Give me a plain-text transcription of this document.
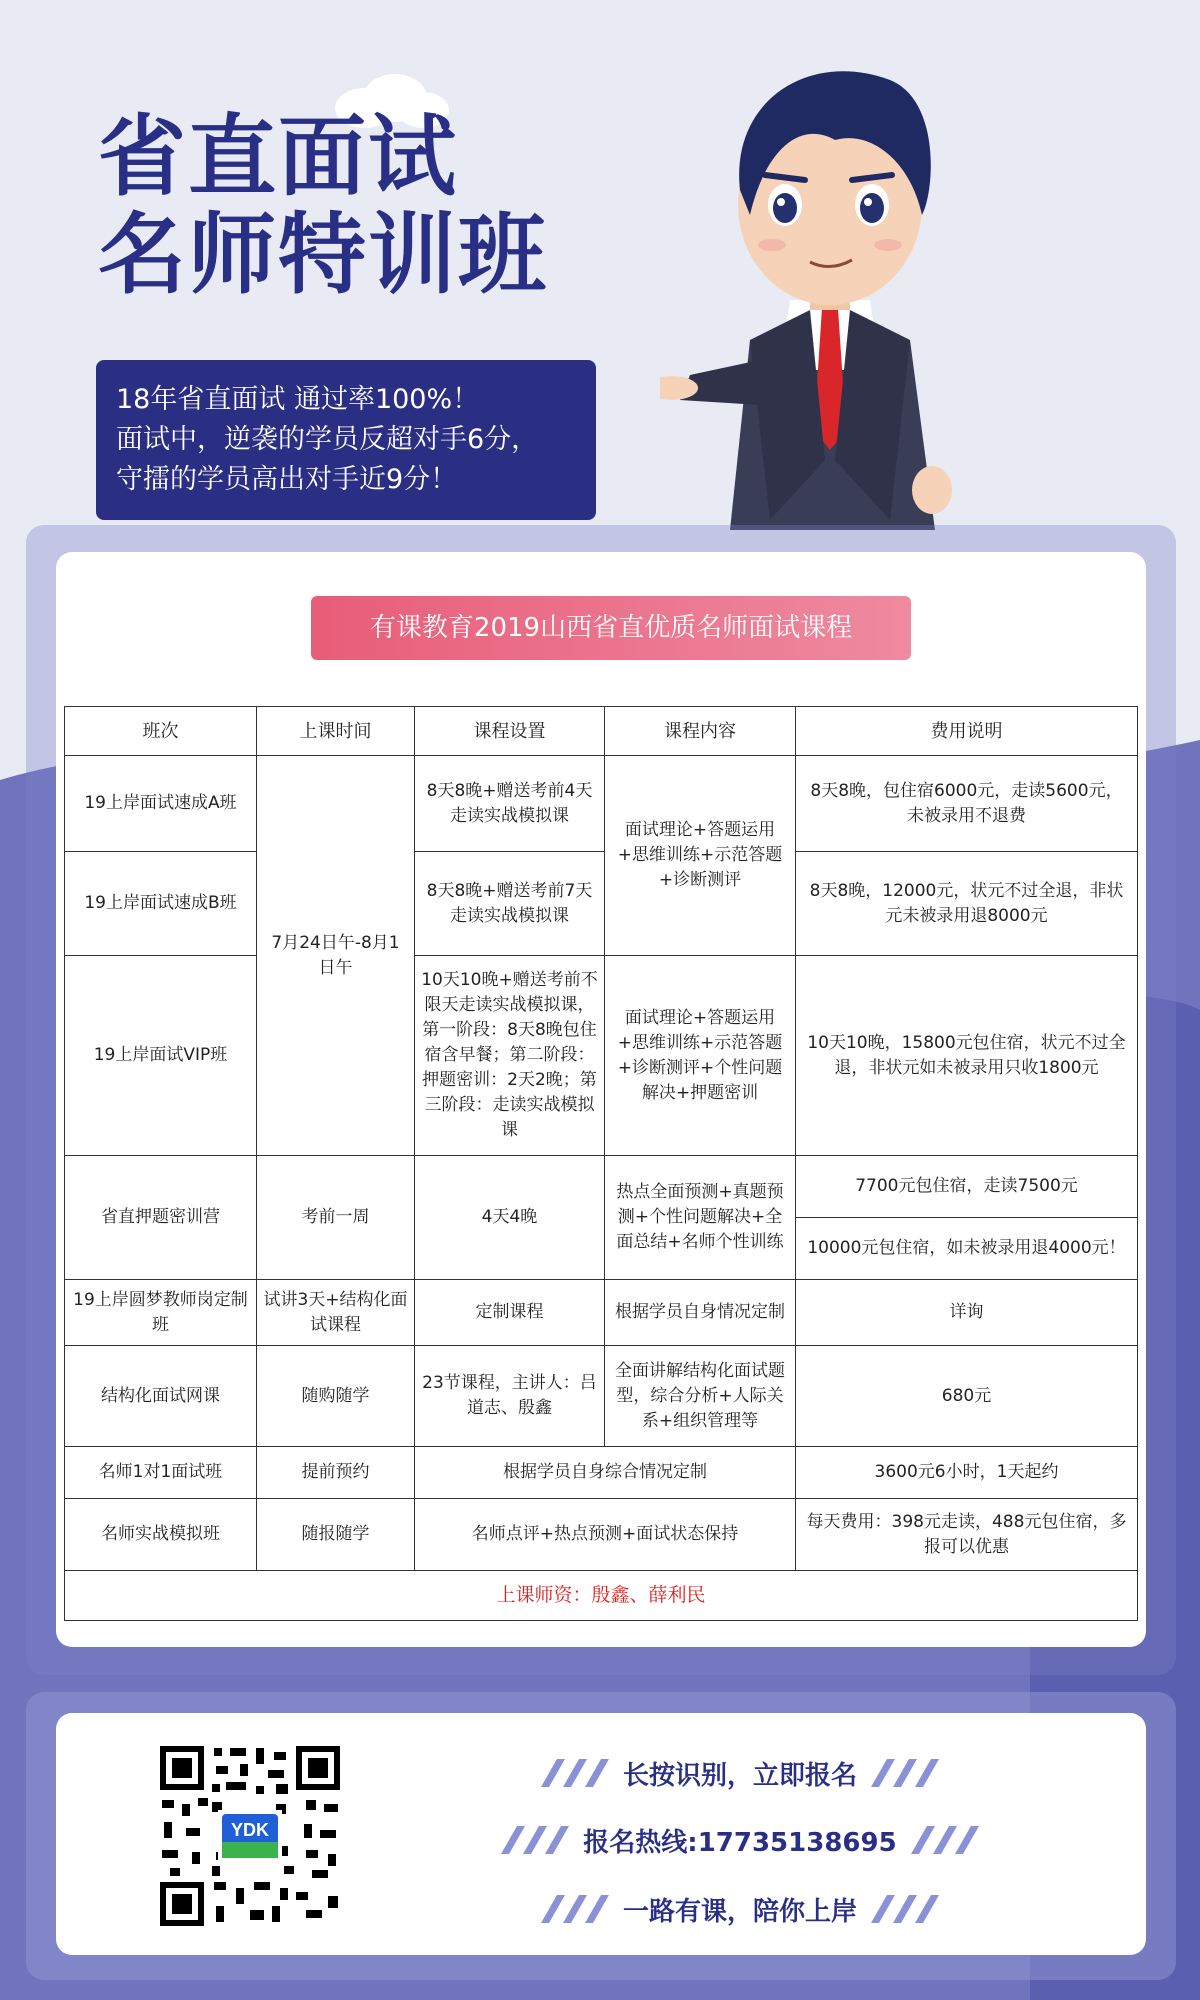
省直面试
名师特训班
18年省直面试 通过率100%！
面试中，逆袭的学员反超对手6分，
守擂的学员高出对手近9分！
有课教育2019山西省直优质名师面试课程
班次	上课时间	课程设置	课程内容	费用说明
19上岸面试速成A班	7月24日午-8月1日午	8天8晚+赠送考前4天走读实战模拟课	面试理论+答题运用+思维训练+示范答题+诊断测评	8天8晚，包住宿6000元，走读5600元，未被录用不退费
19上岸面试速成B班		8天8晚+赠送考前7天走读实战模拟课		8天8晚，12000元，状元不过全退，非状元未被录用退8000元
19上岸面试VIP班		10天10晚+赠送考前不限天走读实战模拟课，第一阶段：8天8晚包住宿含早餐；第二阶段：押题密训：2天2晚；第三阶段：走读实战模拟课	面试理论+答题运用+思维训练+示范答题+诊断测评+个性问题解决+押题密训	10天10晚，15800元包住宿，状元不过全退，非状元如未被录用只收1800元
省直押题密训营	考前一周	4天4晚	热点全面预测+真题预测+个性问题解决+全面总结+名师个性训练	7700元包住宿，走读7500元
				10000元包住宿，如未被录用退4000元！
19上岸圆梦教师岗定制班	试讲3天+结构化面试课程	定制课程	根据学员自身情况定制	详询
结构化面试网课	随购随学	23节课程，主讲人：吕道志、殷鑫	全面讲解结构化面试题型，综合分析+人际关系+组织管理等	680元
名师1对1面试班	提前预约	根据学员自身综合情况定制		3600元6小时，1天起约
名师实战模拟班	随报随学	名师点评+热点预测+面试状态保持		每天费用：398元走读，488元包住宿，多报可以优惠
上课师资：殷鑫、薛利民				
YDK
长按识别，立即报名
报名热线:17735138695
一路有课，陪你上岸
